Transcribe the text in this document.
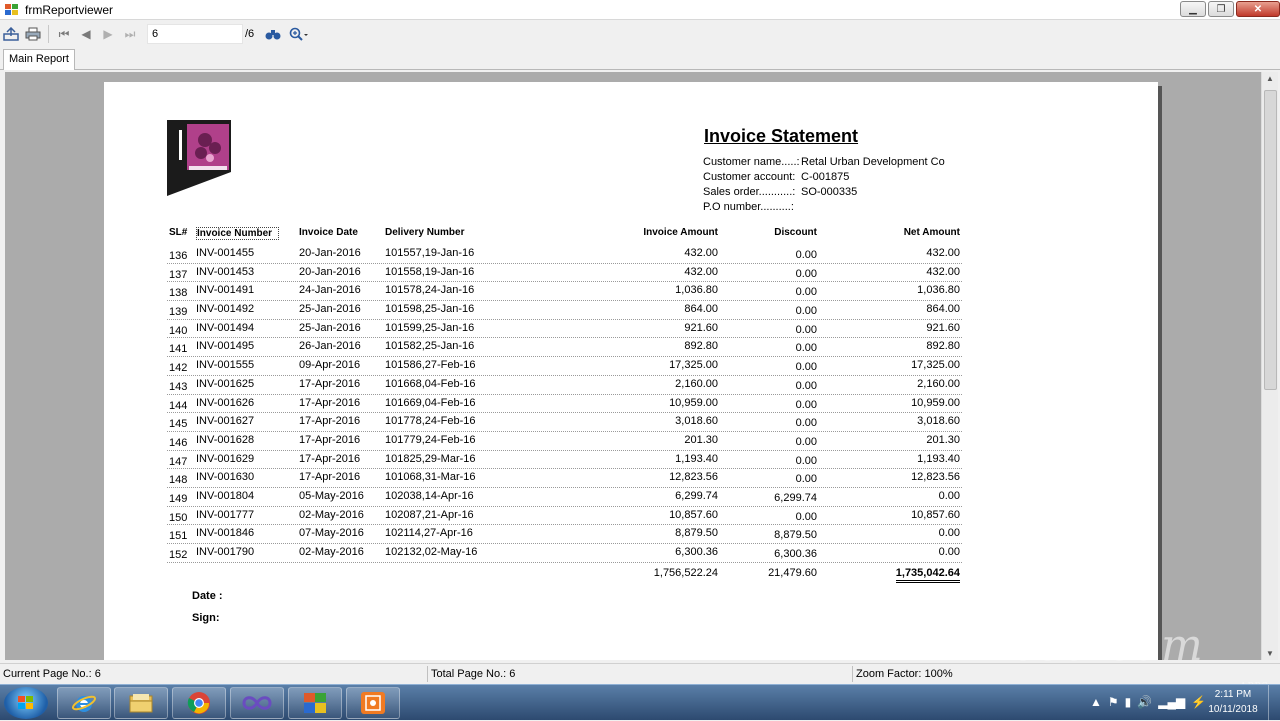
frmReportviewer	▁ ❐	✕
⏮ ◀ ▶ ⏭	6	/6
Main Report
Invoice Statement
Customer name.....: Retal Urban Development Co
Customer account: C-001875
Sales order...........: SO-000335
P.O number..........:
SL# Invoice Number	Invoice Date	Delivery Number	Invoice Amount	Discount	Net Amount
136 INV-001455	20-Jan-2016 101557,19-Jan-16	432.00	0.00	432.00
137 INV-001453	20-Jan-2016 101558,19-Jan-16	432.00	0.00	432.00
138 INV-001491	24-Jan-2016 101578,24-Jan-16	1,036.80	0.00	1,036.80
139 INV-001492	25-Jan-2016 101598,25-Jan-16	864.00	0.00	864.00
140 INV-001494	25-Jan-2016 101599,25-Jan-16	921.60	0.00	921.60
141 INV-001495	26-Jan-2016 101582,25-Jan-16	892.80	0.00	892.80
142 INV-001555	09-Apr-2016 101586,27-Feb-16	17,325.00	0.00	17,325.00
143 INV-001625	17-Apr-2016 101668,04-Feb-16	2,160.00	0.00	2,160.00
144 INV-001626	17-Apr-2016 101669,04-Feb-16	10,959.00	0.00	10,959.00
145 INV-001627	17-Apr-2016 101778,24-Feb-16	3,018.60	0.00	3,018.60
146 INV-001628	17-Apr-2016 101779,24-Feb-16	201.30	0.00	201.30
147 INV-001629	17-Apr-2016 101825,29-Mar-16	1,193.40	0.00	1,193.40
148 INV-001630	17-Apr-2016 101068,31-Mar-16	12,823.56	0.00	12,823.56
149 INV-001804	05-May-2016 102038,14-Apr-16	6,299.74	6,299.74	0.00
150 INV-001777	02-May-2016 102087,21-Apr-16	10,857.60	0.00	10,857.60
151 INV-001846	07-May-2016 102114,27-Apr-16	8,879.50	8,879.50	0.00
152 INV-001790	02-May-2016 102132,02-May-16	6,300.36	6,300.36	0.00
1,756,522.24	21,479.60	1,735,042.64
Date :
Sign:
▲
▼
Current Page No.: 6	Total Page No.: 6	Zoom Factor: 100%
Icecream
▲ ⚑ ▮ 🔊 ▂▄▆ ⚡
2:11 PM
10/11/2018
